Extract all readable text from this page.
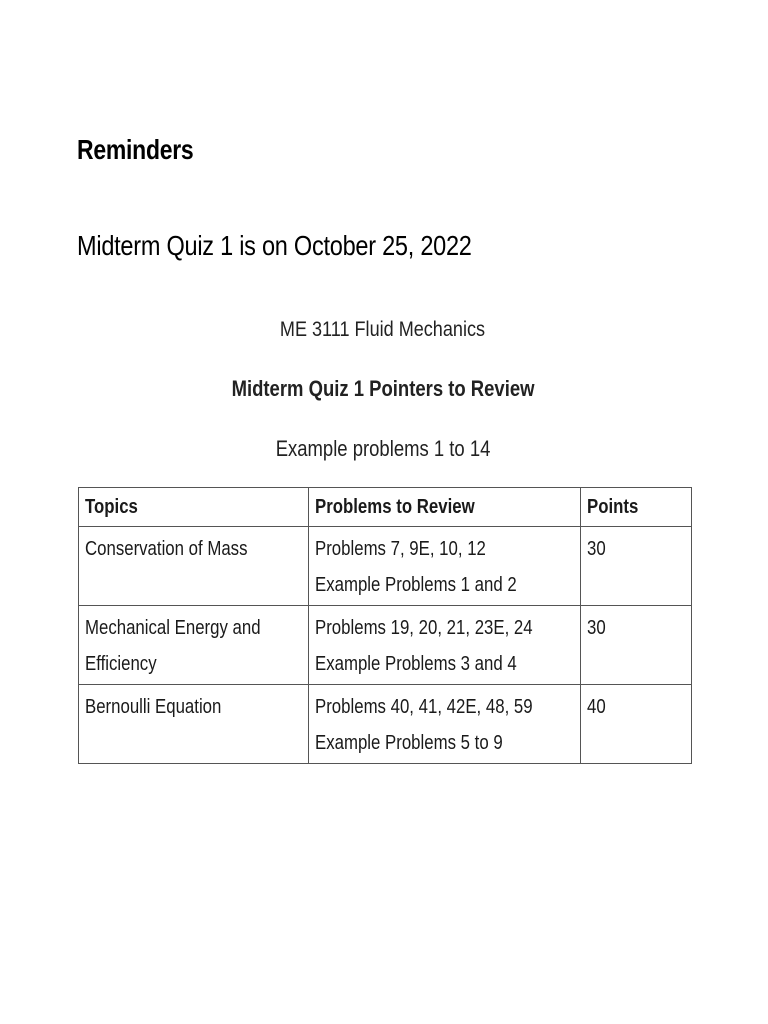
Reminders

Midterm Quiz 1 is on October 25, 2022

ME 3111 Fluid Mechanics

Midterm Quiz 1 Pointers to Review

Example problems 1 to 14

Topics	Problems to Review	Points

Conservation of Mass	Problems 7, 9E, 10, 12
Example Problems 1 and 2	30

Mechanical Energy and
Efficiency	Problems 19, 20, 21, 23E, 24
Example Problems 3 and 4	30

Bernoulli Equation	Problems 40, 41, 42E, 48, 59
Example Problems 5 to 9	40
